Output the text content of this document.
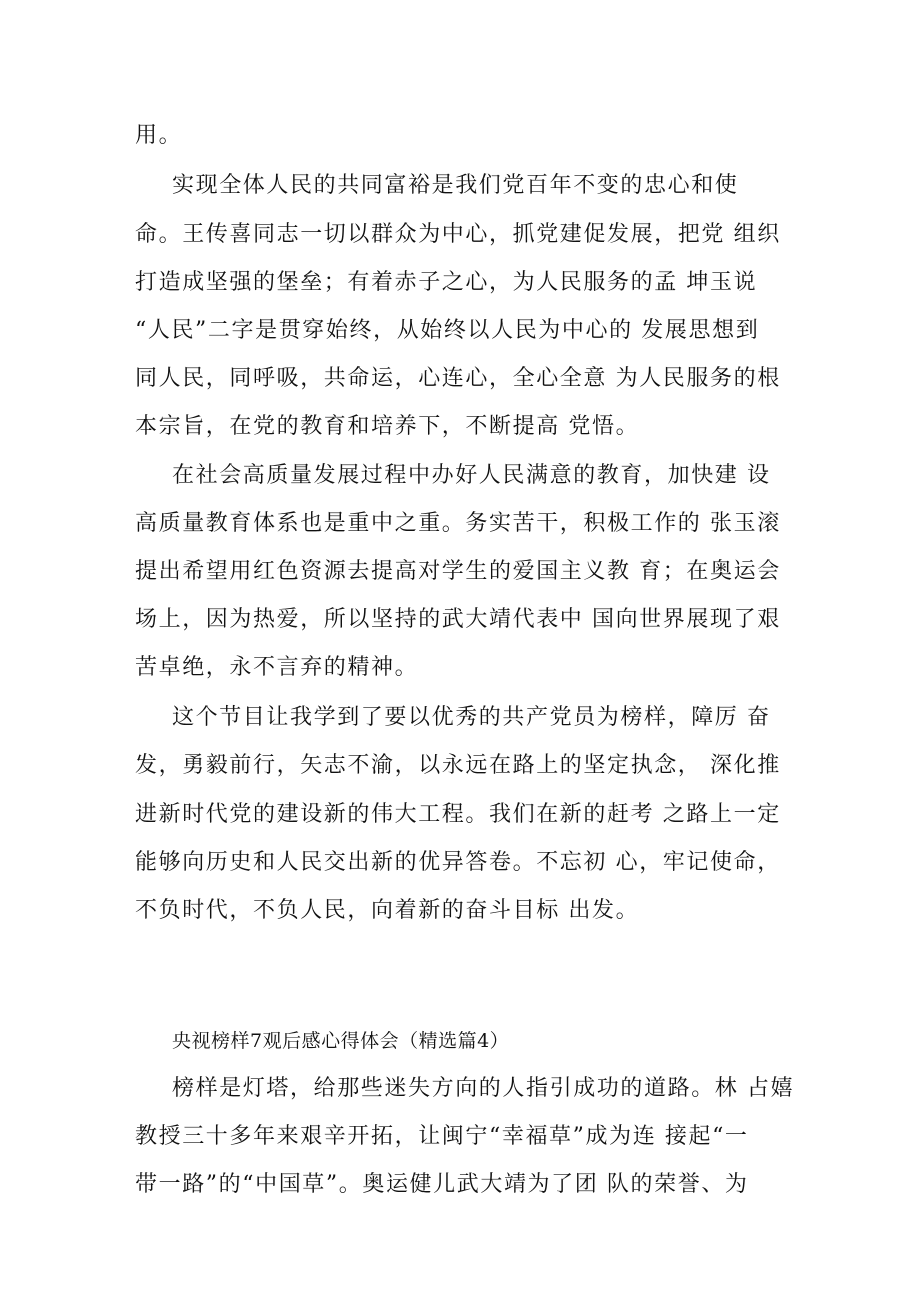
用。
实现全体人民的共同富裕是我们党百年不变的忠心和使
命。王传喜同志一切以群众为中心，抓党建促发展，把党 组织
打造成坚强的堡垒；有着赤子之心，为人民服务的孟 坤玉说
“人民”二字是贯穿始终，从始终以人民为中心的 发展思想到
同人民，同呼吸，共命运，心连心，全心全意 为人民服务的根
本宗旨，在党的教育和培养下，不断提高 党悟。
在社会高质量发展过程中办好人民满意的教育，加快建 设
高质量教育体系也是重中之重。务实苦干，积极工作的 张玉滚
提出希望用红色资源去提高对学生的爱国主义教 育；在奥运会
场上，因为热爱，所以坚持的武大靖代表中 国向世界展现了艰
苦卓绝，永不言弃的精神。
这个节目让我学到了要以优秀的共产党员为榜样，障厉 奋
发，勇毅前行，矢志不渝，以永远在路上的坚定执念， 深化推
进新时代党的建设新的伟大工程。我们在新的赶考 之路上一定
能够向历史和人民交出新的优异答卷。不忘初 心，牢记使命，
不负时代，不负人民，向着新的奋斗目标 出发。
央视榜样7观后感心得体会（精选篇4）
榜样是灯塔，给那些迷失方向的人指引成功的道路。林 占嬉
教授三十多年来艰辛开拓，让闽宁“幸福草”成为连 接起“一
带一路”的“中国草”。奥运健儿武大靖为了团 队的荣誉、为
